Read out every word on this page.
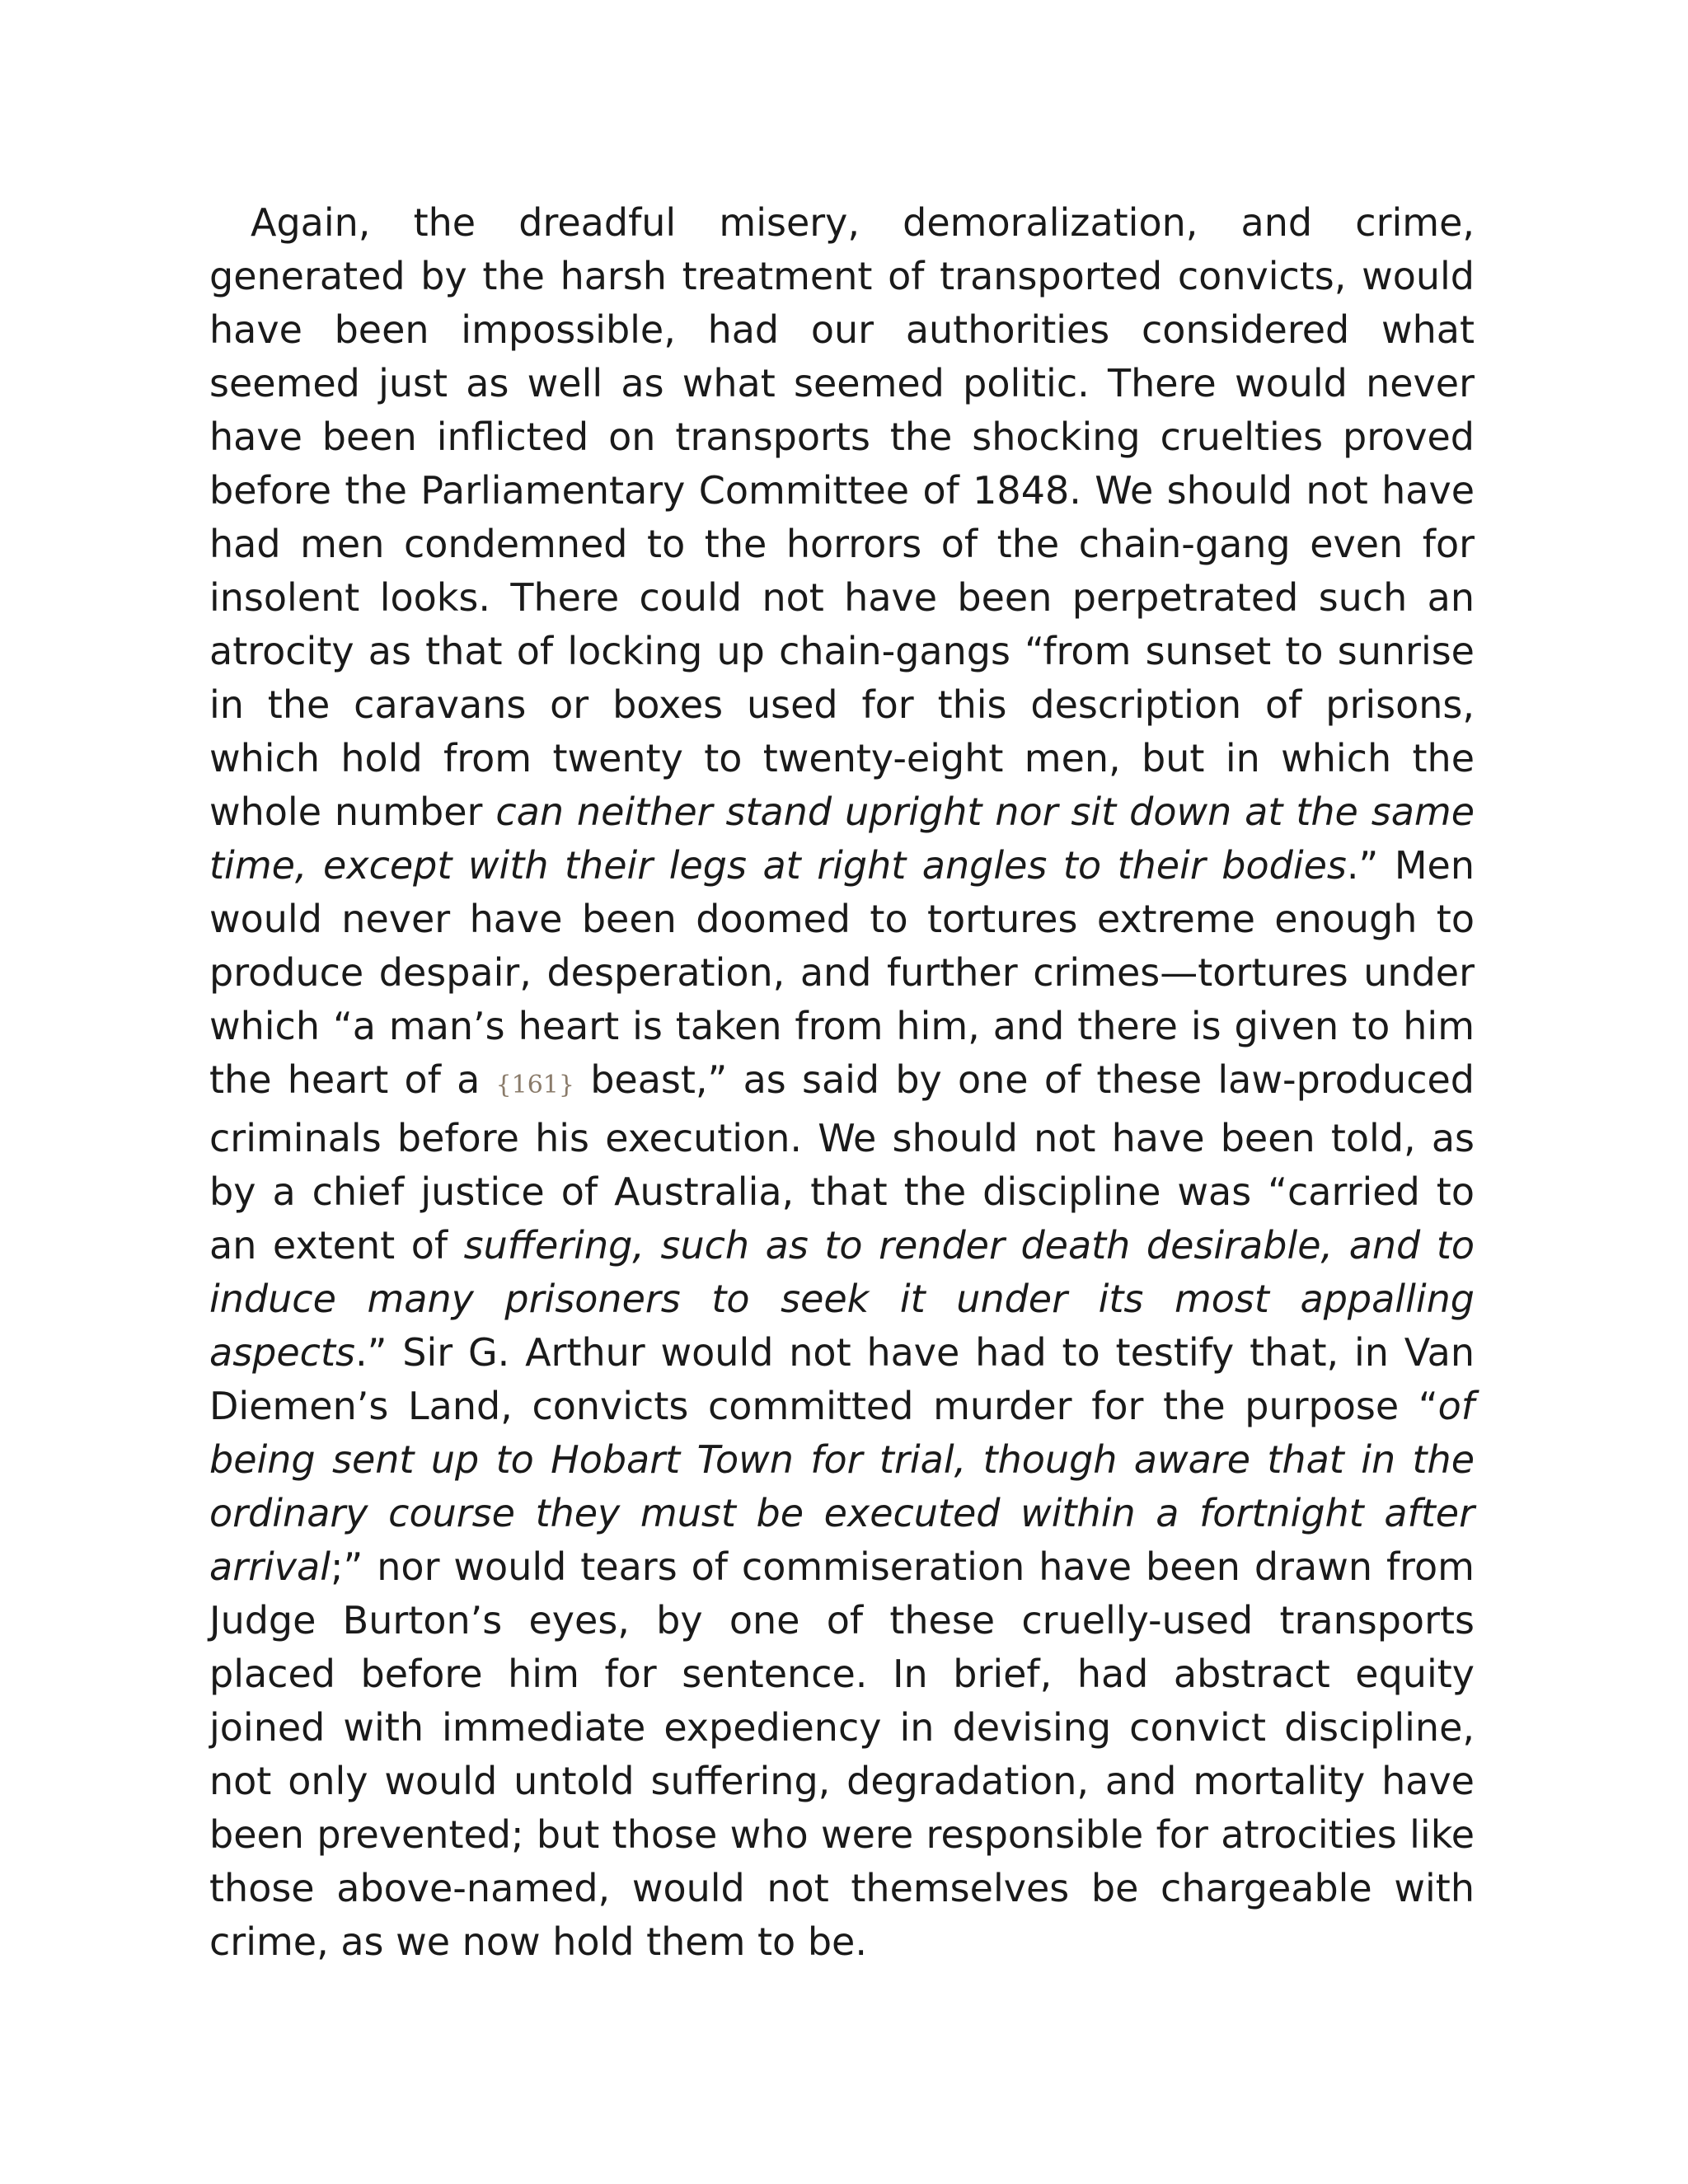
Again, the dreadful misery, demoralization, and crime, generated by the harsh treatment of transported convicts, would have been impossible, had our authorities considered what seemed just as well as what seemed politic. There would never have been inflicted on transports the shocking cruelties proved before the Parliamentary Committee of 1848. We should not have had men condemned to the horrors of the chain-gang even for insolent looks. There could not have been perpetrated such an atrocity as that of locking up chain-gangs “from sunset to sunrise in the caravans or boxes used for this description of prisons, which hold from twenty to twenty-eight men, but in which the whole number can neither stand upright nor sit down at the same time, except with their legs at right angles to their bodies.” Men would never have been doomed to tortures extreme enough to produce despair, desperation, and further crimes—tortures under which “a man’s heart is taken from him, and there is given to him the heart of a {161} beast,” as said by one of these law-produced criminals before his execution. We should not have been told, as by a chief justice of Australia, that the discipline was “carried to an extent of suffering, such as to render death desirable, and to induce many prisoners to seek it under its most appalling aspects.” Sir G. Arthur would not have had to testify that, in Van Diemen’s Land, convicts committed murder for the purpose “of being sent up to Hobart Town for trial, though aware that in the ordinary course they must be executed within a fortnight after arrival;” nor would tears of commiseration have been drawn from Judge Burton’s eyes, by one of these cruelly-used transports placed before him for sentence. In brief, had abstract equity joined with immediate expediency in devising convict discipline, not only would untold suffering, degradation, and mortality have been prevented; but those who were responsible for atrocities like those above-named, would not themselves be chargeable with crime, as we now hold them to be.
